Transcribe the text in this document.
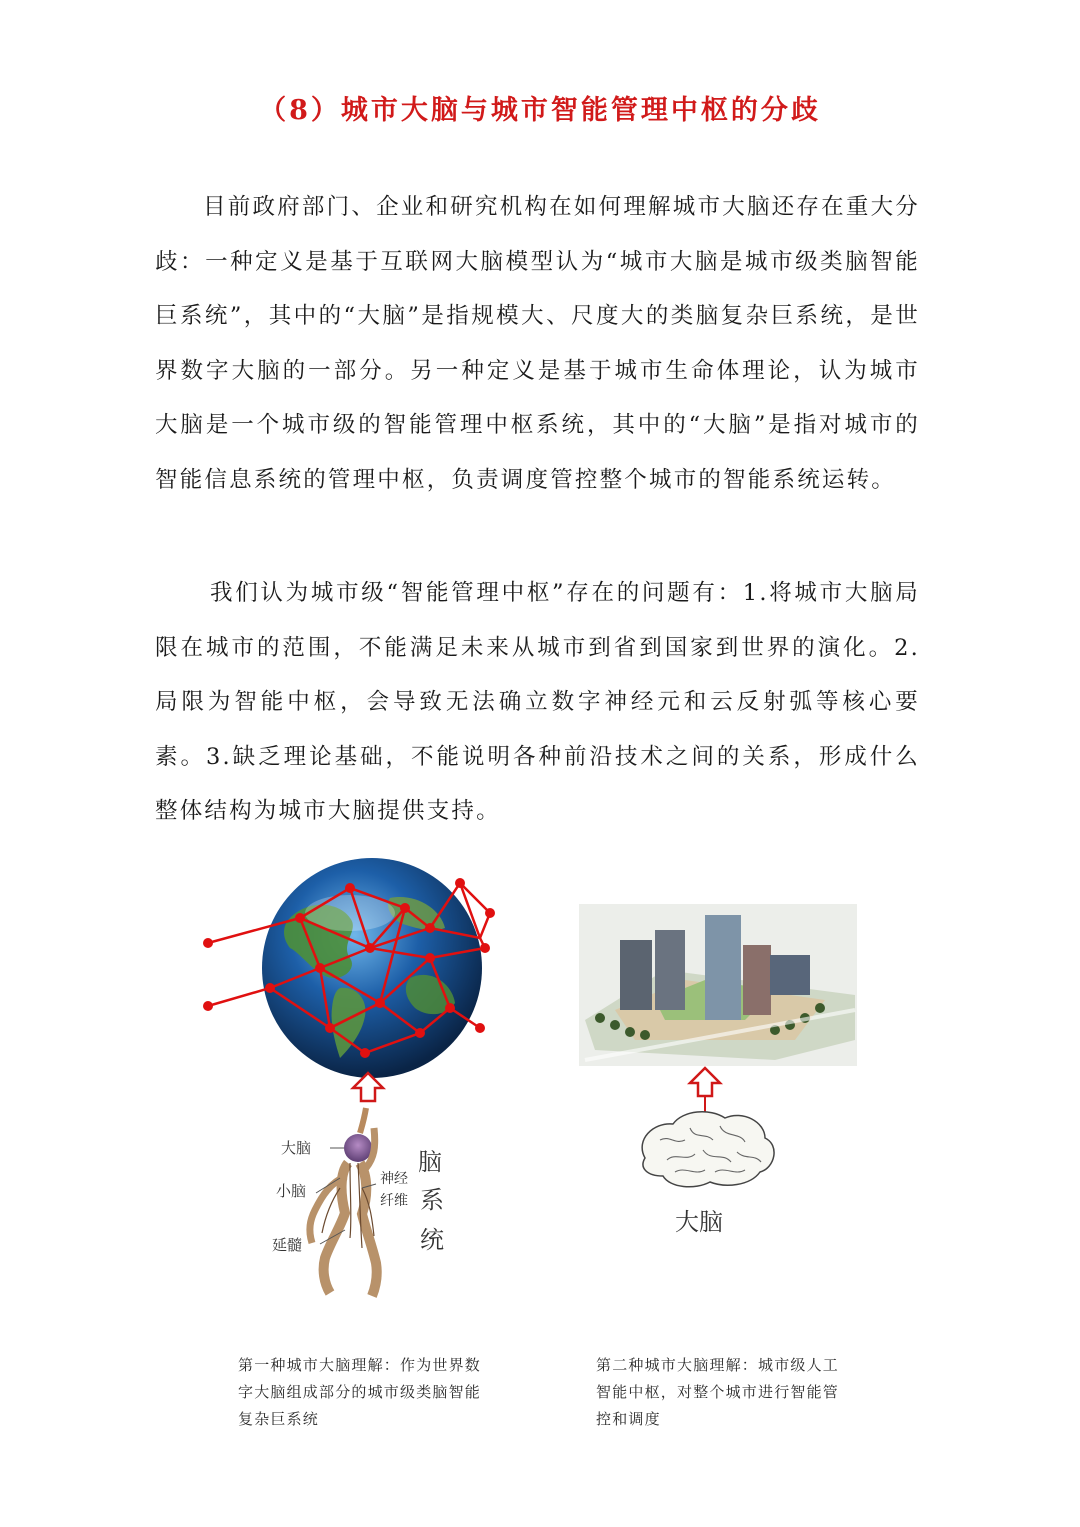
（8）城市大脑与城市智能管理中枢的分歧

目前政府部门、企业和研究机构在如何理解城市大脑还存在重大分歧：一种定义是基于互联网大脑模型认为“城市大脑是城市级类脑智能巨系统”，其中的“大脑”是指规模大、尺度大的类脑复杂巨系统，是世界数字大脑的一部分。另一种定义是基于城市生命体理论，认为城市大脑是一个城市级的智能管理中枢系统，其中的“大脑”是指对城市的智能信息系统的管理中枢，负责调度管控整个城市的智能系统运转。

我们认为城市级“智能管理中枢”存在的问题有：1.将城市大脑局限在城市的范围，不能满足未来从城市到省到国家到世界的演化。2.局限为智能中枢，会导致无法确立数字神经元和云反射弧等核心要素。3.缺乏理论基础，不能说明各种前沿技术之间的关系，形成什么整体结构为城市大脑提供支持。

大脑
小脑
延髓
神经
纤维
脑
系
统
大脑

第一种城市大脑理解：作为世界数字大脑组成部分的城市级类脑智能复杂巨系统

第二种城市大脑理解：城市级人工智能中枢，对整个城市进行智能管控和调度
